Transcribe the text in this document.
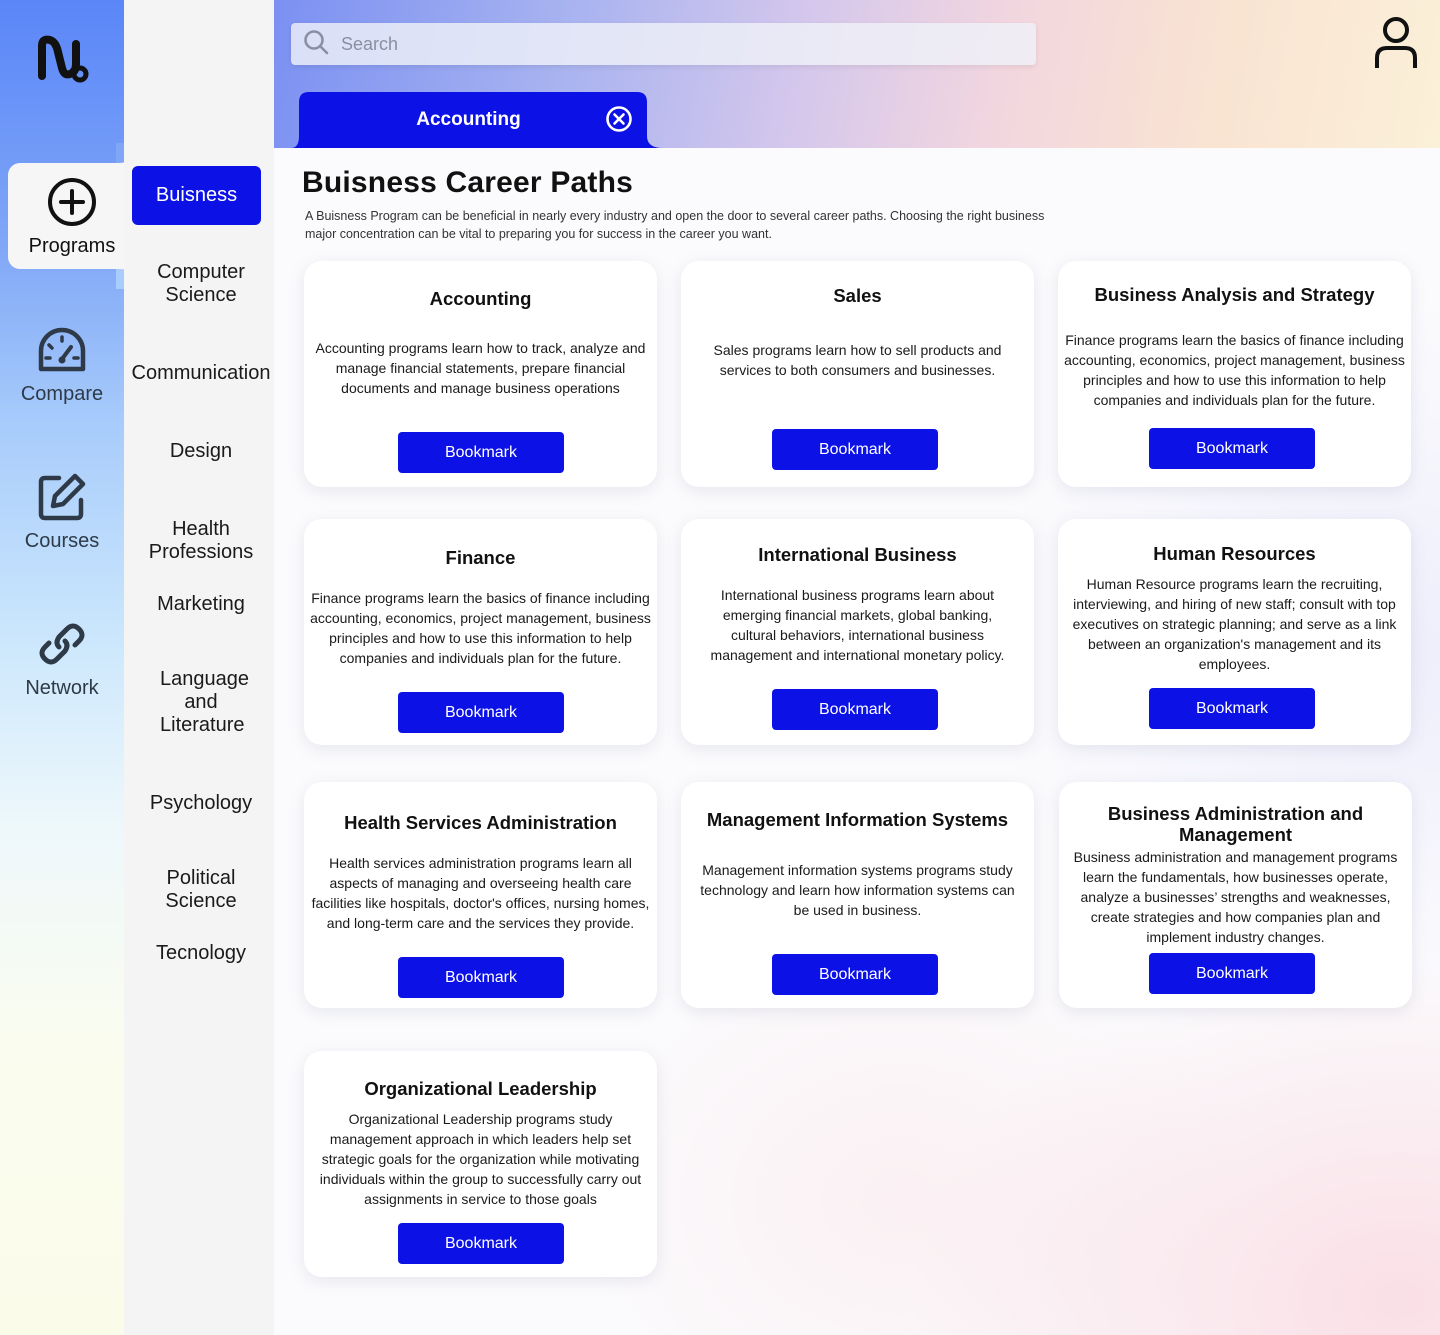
Programs
Compare
Courses
Network
Buisness
Computer Science
Communication
Design
Health Professions
Marketing
Language and Literature
Psychology
Political Science
Tecnology
Search
Accounting
Buisness Career Paths

A Buisness Program can be beneficial in nearly every industry and open the door to several career paths. Choosing the right business major concentration can be vital to preparing you for success in the career you want.

Accounting
Accounting programs learn how to track, analyze and manage financial statements, prepare financial documents and manage business operations
Bookmark
Sales
Sales programs learn how to sell products and services to both consumers and businesses.
Bookmark
Business Analysis and Strategy
Finance programs learn the basics of finance including accounting, economics, project management, business principles and how to use this information to help companies and individuals plan for the future.
Bookmark
Finance
Finance programs learn the basics of finance including accounting, economics, project management, business principles and how to use this information to help companies and individuals plan for the future.
Bookmark
International Business
International business programs learn about emerging financial markets, global banking, cultural behaviors, international business management and international monetary policy.
Bookmark
Human Resources
Human Resource programs learn the recruiting, interviewing, and hiring of new staff; consult with top executives on strategic planning; and serve as a link between an organization's management and its employees.
Bookmark
Health Services Administration
Health services administration programs learn all aspects of managing and overseeing health care facilities like hospitals, doctor's offices, nursing homes, and long-term care and the services they provide.
Bookmark
Management Information Systems
Management information systems programs study technology and learn how information systems can be used in business.
Bookmark
Business Administration and Management
Business administration and management programs learn the fundamentals, how businesses operate, analyze a businesses’ strengths and weaknesses, create strategies and how companies plan and implement industry changes.
Bookmark
Organizational Leadership
Organizational Leadership programs study management approach in which leaders help set strategic goals for the organization while motivating individuals within the group to successfully carry out assignments in service to those goals
Bookmark
